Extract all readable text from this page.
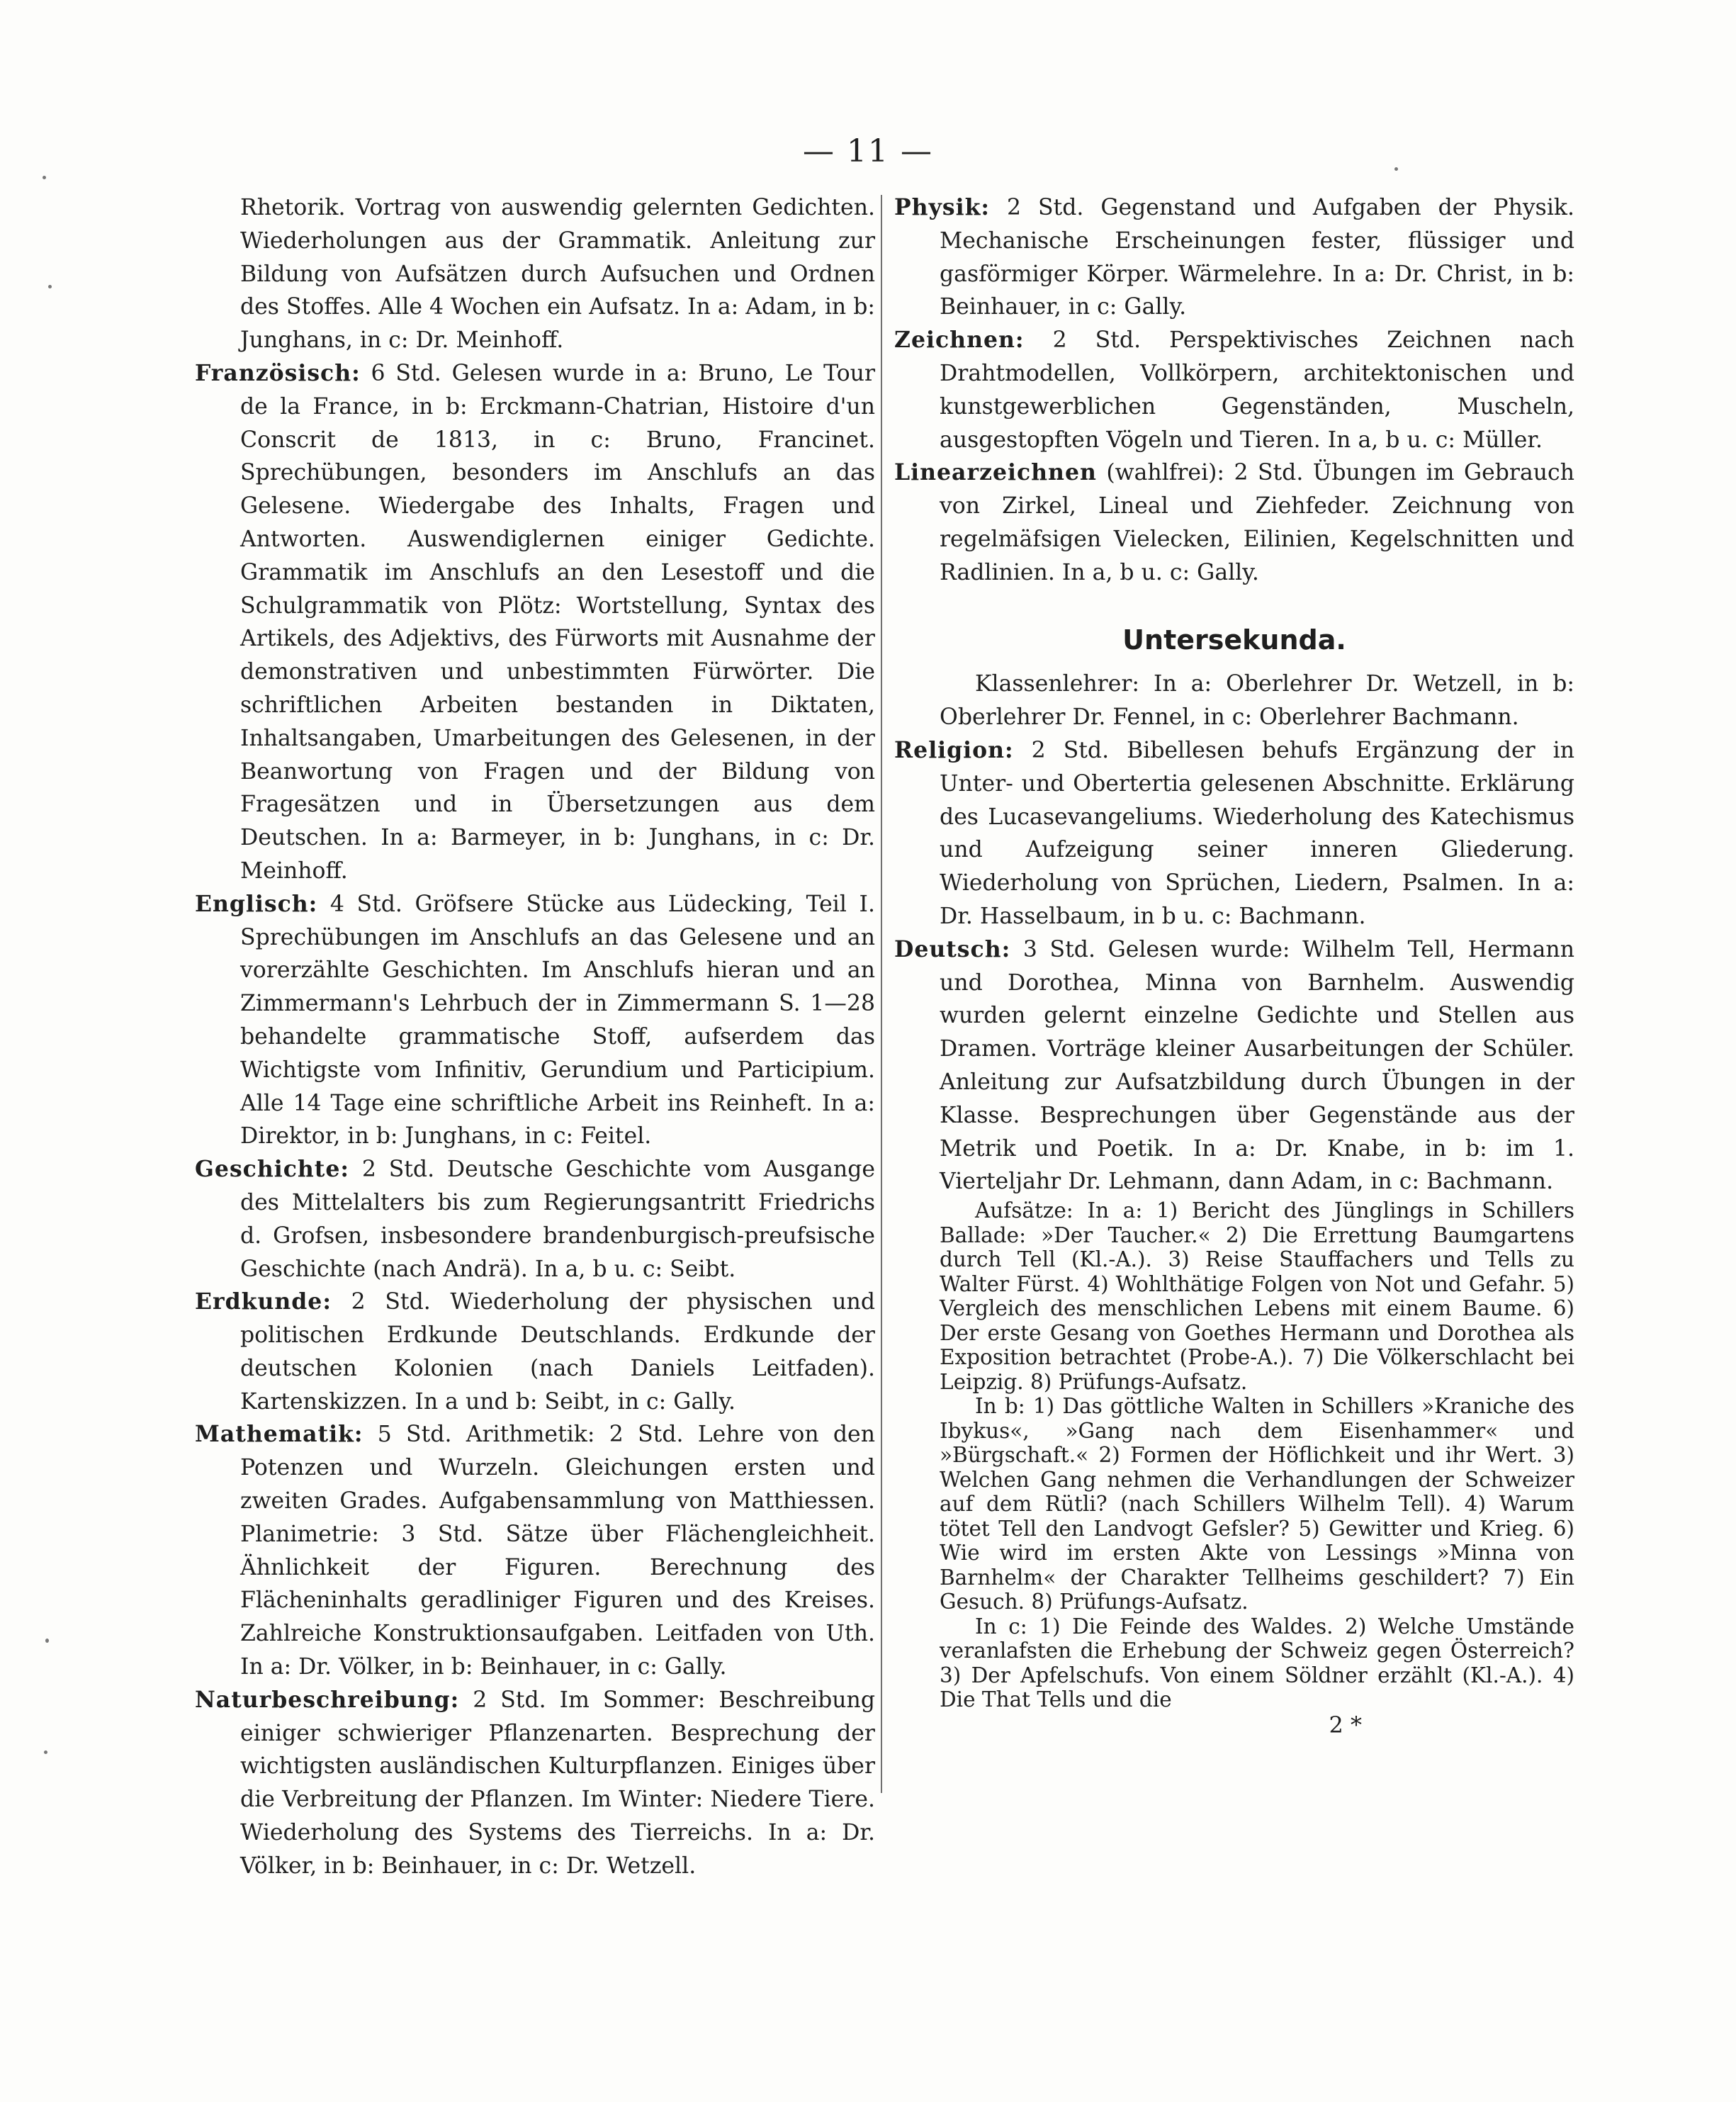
— 11 —

Rhetorik. Vortrag von auswendig gelernten Gedichten. Wiederholungen aus der Grammatik. Anleitung zur Bildung von Aufsätzen durch Aufsuchen und Ordnen des Stoffes. Alle 4 Wochen ein Aufsatz. In a: Adam, in b: Junghans, in c: Dr. Meinhoff.

Französisch: 6 Std. Gelesen wurde in a: Bruno, Le Tour de la France, in b: Erckmann-Chatrian, Histoire d'un Conscrit de 1813, in c: Bruno, Francinet. Sprechübungen, besonders im Anschlufs an das Gelesene. Wiedergabe des Inhalts, Fragen und Antworten. Auswendiglernen einiger Gedichte. Grammatik im Anschlufs an den Lesestoff und die Schulgrammatik von Plötz: Wortstellung, Syntax des Artikels, des Adjektivs, des Fürworts mit Ausnahme der demonstrativen und unbestimmten Fürwörter. Die schriftlichen Arbeiten bestanden in Diktaten, Inhaltsangaben, Umarbeitungen des Gelesenen, in der Beanwortung von Fragen und der Bildung von Fragesätzen und in Übersetzungen aus dem Deutschen. In a: Barmeyer, in b: Junghans, in c: Dr. Meinhoff.

Englisch: 4 Std. Gröfsere Stücke aus Lüdecking, Teil I. Sprechübungen im Anschlufs an das Gelesene und an vorerzählte Geschichten. Im Anschlufs hieran und an Zimmermann's Lehrbuch der in Zimmermann S. 1—28 behandelte grammatische Stoff, aufserdem das Wichtigste vom Infinitiv, Gerundium und Participium. Alle 14 Tage eine schriftliche Arbeit ins Reinheft. In a: Direktor, in b: Junghans, in c: Feitel.

Geschichte: 2 Std. Deutsche Geschichte vom Ausgange des Mittelalters bis zum Regierungsantritt Friedrichs d. Grofsen, insbesondere brandenburgisch-preufsische Geschichte (nach Andrä). In a, b u. c: Seibt.

Erdkunde: 2 Std. Wiederholung der physischen und politischen Erdkunde Deutschlands. Erdkunde der deutschen Kolonien (nach Daniels Leitfaden). Kartenskizzen. In a und b: Seibt, in c: Gally.

Mathematik: 5 Std. Arithmetik: 2 Std. Lehre von den Potenzen und Wurzeln. Gleichungen ersten und zweiten Grades. Aufgabensammlung von Matthiessen. Planimetrie: 3 Std. Sätze über Flächengleichheit. Ähnlichkeit der Figuren. Berechnung des Flächeninhalts geradliniger Figuren und des Kreises. Zahlreiche Konstruktionsaufgaben. Leitfaden von Uth. In a: Dr. Völker, in b: Beinhauer, in c: Gally.

Naturbeschreibung: 2 Std. Im Sommer: Beschreibung einiger schwieriger Pflanzenarten. Besprechung der wichtigsten ausländischen Kulturpflanzen. Einiges über die Verbreitung der Pflanzen. Im Winter: Niedere Tiere. Wiederholung des Systems des Tierreichs. In a: Dr. Völker, in b: Beinhauer, in c: Dr. Wetzell.

Physik: 2 Std. Gegenstand und Aufgaben der Physik. Mechanische Erscheinungen fester, flüssiger und gasförmiger Körper. Wärmelehre. In a: Dr. Christ, in b: Beinhauer, in c: Gally.

Zeichnen: 2 Std. Perspektivisches Zeichnen nach Drahtmodellen, Vollkörpern, architektonischen und kunstgewerblichen Gegenständen, Muscheln, ausgestopften Vögeln und Tieren. In a, b u. c: Müller.

Linearzeichnen (wahlfrei): 2 Std. Übungen im Gebrauch von Zirkel, Lineal und Ziehfeder. Zeichnung von regelmäfsigen Vielecken, Eilinien, Kegelschnitten und Radlinien. In a, b u. c: Gally.

Untersekunda.

Klassenlehrer: In a: Oberlehrer Dr. Wetzell, in b: Oberlehrer Dr. Fennel, in c: Oberlehrer Bachmann.

Religion: 2 Std. Bibellesen behufs Ergänzung der in Unter- und Obertertia gelesenen Abschnitte. Erklärung des Lucasevangeliums. Wiederholung des Katechismus und Aufzeigung seiner inneren Gliederung. Wiederholung von Sprüchen, Liedern, Psalmen. In a: Dr. Hasselbaum, in b u. c: Bachmann.

Deutsch: 3 Std. Gelesen wurde: Wilhelm Tell, Hermann und Dorothea, Minna von Barnhelm. Auswendig wurden gelernt einzelne Gedichte und Stellen aus Dramen. Vorträge kleiner Ausarbeitungen der Schüler. Anleitung zur Aufsatzbildung durch Übungen in der Klasse. Besprechungen über Gegenstände aus der Metrik und Poetik. In a: Dr. Knabe, in b: im 1. Vierteljahr Dr. Lehmann, dann Adam, in c: Bachmann.

Aufsätze: In a: 1) Bericht des Jünglings in Schillers Ballade: »Der Taucher.« 2) Die Errettung Baumgartens durch Tell (Kl.-A.). 3) Reise Stauffachers und Tells zu Walter Fürst. 4) Wohlthätige Folgen von Not und Gefahr. 5) Vergleich des menschlichen Lebens mit einem Baume. 6) Der erste Gesang von Goethes Hermann und Dorothea als Exposition betrachtet (Probe-A.). 7) Die Völkerschlacht bei Leipzig. 8) Prüfungs-Aufsatz.

In b: 1) Das göttliche Walten in Schillers »Kraniche des Ibykus«, »Gang nach dem Eisenhammer« und »Bürgschaft.« 2) Formen der Höflichkeit und ihr Wert. 3) Welchen Gang nehmen die Verhandlungen der Schweizer auf dem Rütli? (nach Schillers Wilhelm Tell). 4) Warum tötet Tell den Landvogt Gefsler? 5) Gewitter und Krieg. 6) Wie wird im ersten Akte von Lessings »Minna von Barnhelm« der Charakter Tellheims geschildert? 7) Ein Gesuch. 8) Prüfungs-Aufsatz.

In c: 1) Die Feinde des Waldes. 2) Welche Umstände veranlafsten die Erhebung der Schweiz gegen Österreich? 3) Der Apfelschufs. Von einem Söldner erzählt (Kl.-A.). 4) Die That Tells und die

2 *
